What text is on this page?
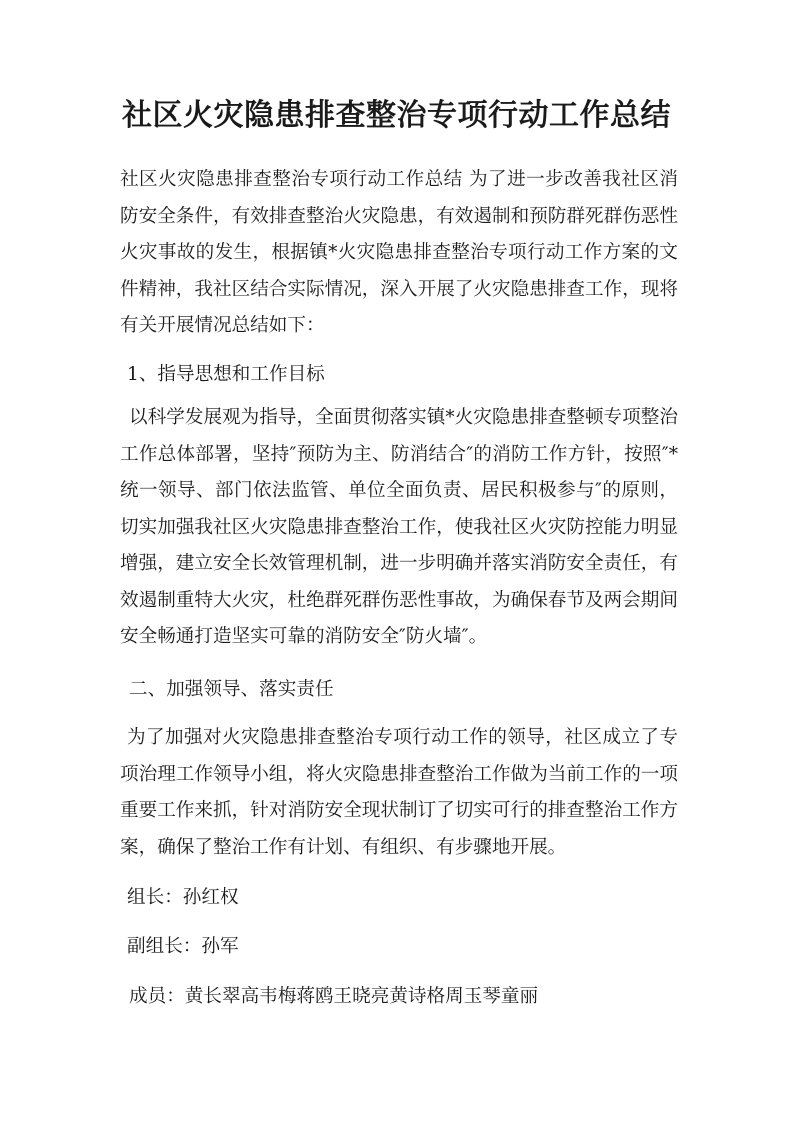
社区火灾隐患排查整治专项行动工作总结

社区火灾隐患排查整治专项行动工作总结 为了进一步改善我社区消防安全条件，有效排查整治火灾隐患，有效遏制和预防群死群伤恶性火灾事故的发生，根据镇*火灾隐患排查整治专项行动工作方案的文件精神，我社区结合实际情况，深入开展了火灾隐患排查工作，现将有关开展情况总结如下：

1、指导思想和工作目标

以科学发展观为指导，全面贯彻落实镇*火灾隐患排查整顿专项整治工作总体部署，坚持″预防为主、防消结合″的消防工作方针，按照″*统一领导、部门依法监管、单位全面负责、居民积极参与″的原则，切实加强我社区火灾隐患排查整治工作，使我社区火灾防控能力明显增强，建立安全长效管理机制，进一步明确并落实消防安全责任，有效遏制重特大火灾，杜绝群死群伤恶性事故，为确保春节及两会期间安全畅通打造坚实可靠的消防安全″防火墙″。

二、加强领导、落实责任

为了加强对火灾隐患排查整治专项行动工作的领导，社区成立了专项治理工作领导小组，将火灾隐患排查整治工作做为当前工作的一项重要工作来抓，针对消防安全现状制订了切实可行的排查整治工作方案，确保了整治工作有计划、有组织、有步骤地开展。

组长：孙红权

副组长：孙军

成员：黄长翠高韦梅蒋鸥王晓亮黄诗格周玉琴童丽
